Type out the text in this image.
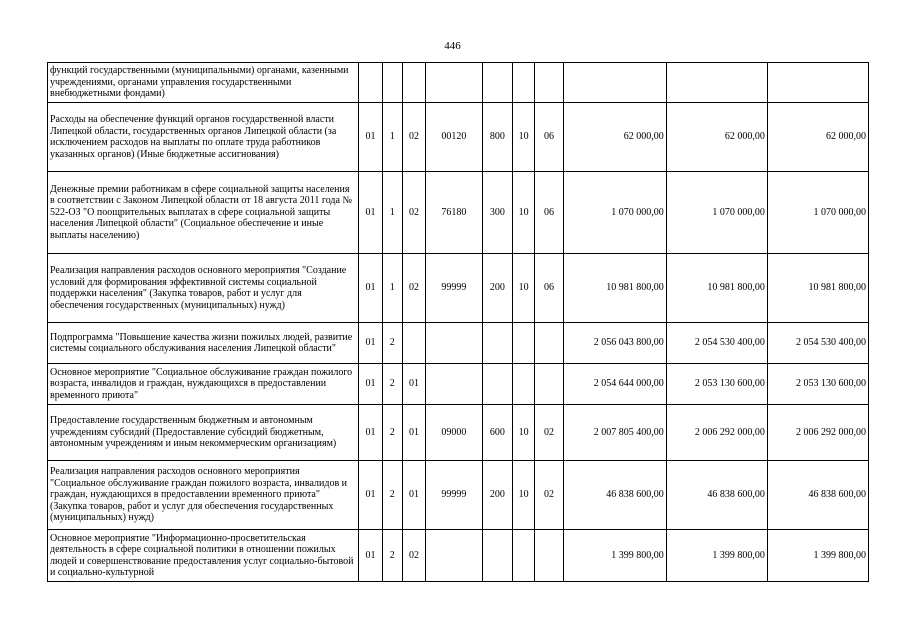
446
функций государственными (муниципальными) органами, казенными учреждениями, органами управления государственными внебюджетными фондами)										
Расходы на обеспечение функций органов государственной власти Липецкой области, государственных органов Липецкой области (за исключением расходов на выплаты по оплате труда работников указанных органов) (Иные бюджетные ассигнования)	01	1	02	00120	800	10	06	62 000,00	62 000,00	62 000,00
Денежные премии работникам в сфере социальной защиты населения в соответствии с Законом Липецкой области от 18 августа 2011 года № 522-ОЗ "О поощрительных выплатах в сфере социальной защиты населения Липецкой области" (Социальное обеспечение и иные выплаты населению)	01	1	02	76180	300	10	06	1 070 000,00	1 070 000,00	1 070 000,00
Реализация направления расходов основного мероприятия "Создание условий для формирования эффективной системы социальной поддержки населения" (Закупка товаров, работ и услуг для обеспечения государственных (муниципальных) нужд)	01	1	02	99999	200	10	06	10 981 800,00	10 981 800,00	10 981 800,00
Подпрограмма "Повышение качества жизни пожилых людей, развитие системы социального обслуживания населения Липецкой области"	01	2						2 056 043 800,00	2 054 530 400,00	2 054 530 400,00
Основное мероприятие "Социальное обслуживание граждан пожилого возраста, инвалидов и граждан, нуждающихся в предоставлении временного приюта"	01	2	01					2 054 644 000,00	2 053 130 600,00	2 053 130 600,00
Предоставление государственным бюджетным и автономным учреждениям субсидий (Предоставление субсидий бюджетным, автономным учреждениям и иным некоммерческим организациям)	01	2	01	09000	600	10	02	2 007 805 400,00	2 006 292 000,00	2 006 292 000,00
Реализация направления расходов основного мероприятия "Социальное обслуживание граждан пожилого возраста, инвалидов и граждан, нуждающихся в предоставлении временного приюта" (Закупка товаров, работ и услуг для обеспечения государственных (муниципальных) нужд)	01	2	01	99999	200	10	02	46 838 600,00	46 838 600,00	46 838 600,00
Основное мероприятие "Информационно-просветительская деятельность в сфере социальной политики в отношении пожилых людей и совершенствование предоставления услуг социально-бытовой и социально-культурной	01	2	02					1 399 800,00	1 399 800,00	1 399 800,00
